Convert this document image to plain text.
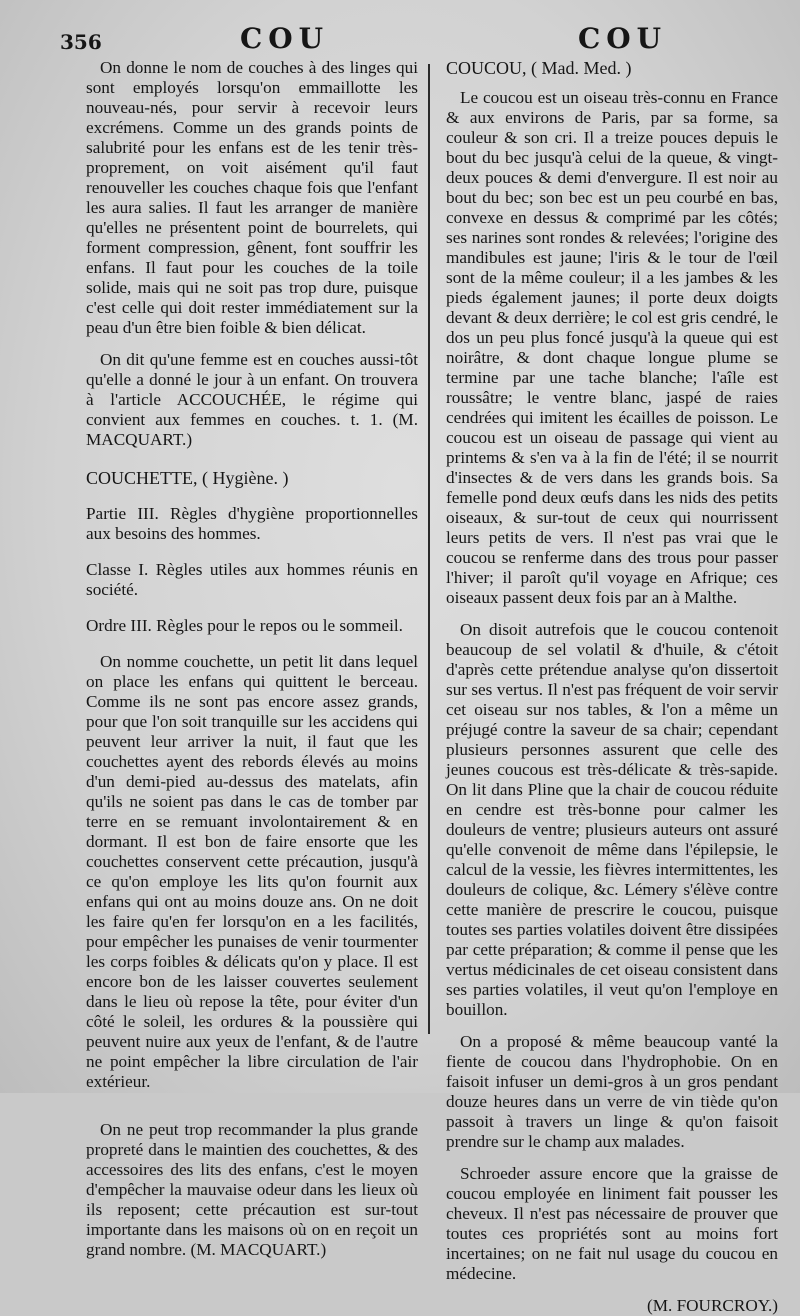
356	COU	COU

On donne le nom de couches à des linges qui sont employés lorsqu'on emmaillotte les nouveau-nés, pour servir à recevoir leurs excrémens. Comme un des grands points de salubrité pour les enfans est de les tenir très-proprement, on voit aisément qu'il faut renouveller les couches chaque fois que l'enfant les aura salies. Il faut les arranger de manière qu'elles ne présentent point de bourrelets, qui forment compression, gênent, font souffrir les enfans. Il faut pour les couches de la toile solide, mais qui ne soit pas trop dure, puisque c'est celle qui doit rester immédiatement sur la peau d'un être bien foible & bien délicat.

On dit qu'une femme est en couches aussi-tôt qu'elle a donné le jour à un enfant. On trouvera à l'article ACCOUCHÉE, le régime qui convient aux femmes en couches. t. 1. (M. MACQUART.)

COUCHETTE, ( Hygiène. )

Partie III. Règles d'hygiène proportionnelles aux besoins des hommes.

Classe I. Règles utiles aux hommes réunis en société.

Ordre III. Règles pour le repos ou le sommeil.

On nomme couchette, un petit lit dans lequel on place les enfans qui quittent le berceau. Comme ils ne sont pas encore assez grands, pour que l'on soit tranquille sur les accidens qui peuvent leur arriver la nuit, il faut que les couchettes ayent des rebords élevés au moins d'un demi-pied au-dessus des matelats, afin qu'ils ne soient pas dans le cas de tomber par terre en se remuant involontairement & en dormant. Il est bon de faire ensorte que les couchettes conservent cette précaution, jusqu'à ce qu'on employe les lits qu'on fournit aux enfans qui ont au moins douze ans. On ne doit les faire qu'en fer lorsqu'on en a les facilités, pour empêcher les punaises de venir tourmenter les corps foibles & délicats qu'on y place. Il est encore bon de les laisser couvertes seulement dans le lieu où repose la tête, pour éviter d'un côté le soleil, les ordures & la poussière qui peuvent nuire aux yeux de l'enfant, & de l'autre ne point empêcher la libre circulation de l'air extérieur.

On ne peut trop recommander la plus grande propreté dans le maintien des couchettes, & des accessoires des lits des enfans, c'est le moyen d'empêcher la mauvaise odeur dans les lieux où ils reposent; cette précaution est sur-tout importante dans les maisons où on en reçoit un grand nombre. (M. MACQUART.)

COUCOU, ( Mad. Med. )

Le coucou est un oiseau très-connu en France & aux environs de Paris, par sa forme, sa couleur & son cri. Il a treize pouces depuis le bout du bec jusqu'à celui de la queue, & vingt-deux pouces & demi d'envergure. Il est noir au bout du bec; son bec est un peu courbé en bas, convexe en dessus & comprimé par les côtés; ses narines sont rondes & relevées; l'origine des mandibules est jaune; l'iris & le tour de l'œil sont de la même couleur; il a les jambes & les pieds également jaunes; il porte deux doigts devant & deux derrière; le col est gris cendré, le dos un peu plus foncé jusqu'à la queue qui est noirâtre, & dont chaque longue plume se termine par une tache blanche; l'aîle est roussâtre; le ventre blanc, jaspé de raies cendrées qui imitent les écailles de poisson. Le coucou est un oiseau de passage qui vient au printems & s'en va à la fin de l'été; il se nourrit d'insectes & de vers dans les grands bois. Sa femelle pond deux œufs dans les nids des petits oiseaux, & sur-tout de ceux qui nourrissent leurs petits de vers. Il n'est pas vrai que le coucou se renferme dans des trous pour passer l'hiver; il paroît qu'il voyage en Afrique; ces oiseaux passent deux fois par an à Malthe.

On disoit autrefois que le coucou contenoit beaucoup de sel volatil & d'huile, & c'étoit d'après cette prétendue analyse qu'on dissertoit sur ses vertus. Il n'est pas fréquent de voir servir cet oiseau sur nos tables, & l'on a même un préjugé contre la saveur de sa chair; cependant plusieurs personnes assurent que celle des jeunes coucous est très-délicate & très-sapide. On lit dans Pline que la chair de coucou réduite en cendre est très-bonne pour calmer les douleurs de ventre; plusieurs auteurs ont assuré qu'elle convenoit de même dans l'épilepsie, le calcul de la vessie, les fièvres intermittentes, les douleurs de colique, &c. Lémery s'élève contre cette manière de prescrire le coucou, puisque toutes ses parties volatiles doivent être dissipées par cette préparation; & comme il pense que les vertus médicinales de cet oiseau consistent dans ses parties volatiles, il veut qu'on l'employe en bouillon.

On a proposé & même beaucoup vanté la fiente de coucou dans l'hydrophobie. On en faisoit infuser un demi-gros à un gros pendant douze heures dans un verre de vin tiède qu'on passoit à travers un linge & qu'on faisoit prendre sur le champ aux malades.

Schroeder assure encore que la graisse de coucou employée en liniment fait pousser les cheveux. Il n'est pas nécessaire de prouver que toutes ces propriétés sont au moins fort incertaines; on ne fait nul usage du coucou en médecine.

(M. FOURCROY.)
